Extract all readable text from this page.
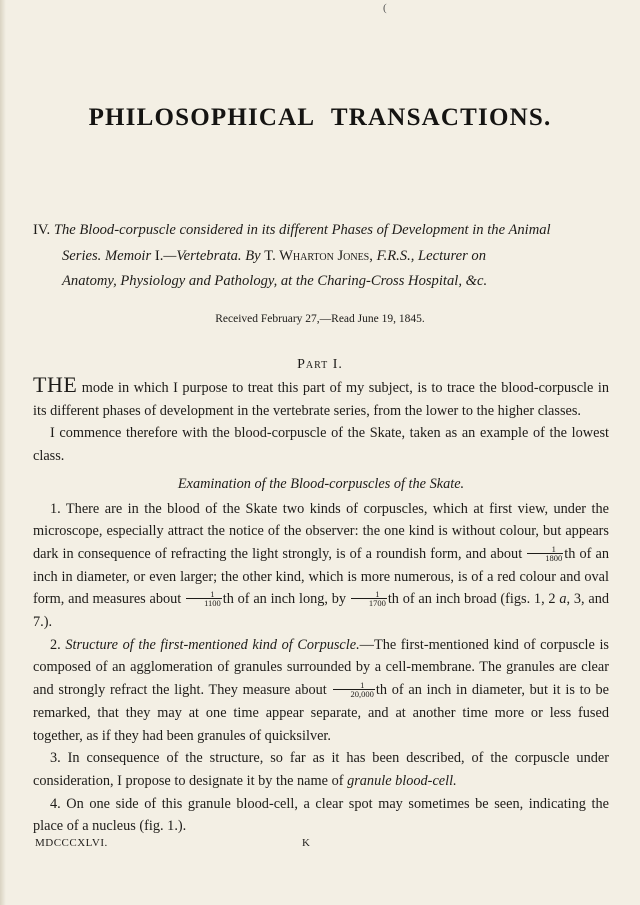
(
PHILOSOPHICAL TRANSACTIONS.
IV. The Blood-corpuscle considered in its different Phases of Development in the Animal
Series. Memoir I.—Vertebrata. By T. Wharton Jones, F.R.S., Lecturer on
Anatomy, Physiology and Pathology, at the Charing-Cross Hospital, &c.
Received February 27,—Read June 19, 1845.
Part I.

THE mode in which I purpose to treat this part of my subject, is to trace the blood-corpuscle in its different phases of development in the vertebrate series, from the lower to the higher classes.

I commence therefore with the blood-corpuscle of the Skate, taken as an example of the lowest class.

Examination of the Blood-corpuscles of the Skate.

1. There are in the blood of the Skate two kinds of corpuscles, which at first view, under the microscope, especially attract the notice of the observer: the one kind is without colour, but appears dark in consequence of refracting the light strongly, is of a roundish form, and about $\frac{1}{1800}$ th of an inch in diameter, or even larger; the other kind, which is more numerous, is of a red colour and oval form, and measures about $\frac{1}{1100}$ th of an inch long, by $\frac{1}{1700}$ th of an inch broad (figs. 1, 2 a, 3, and 7.).

2. Structure of the first-mentioned kind of Corpuscle.—The first-mentioned kind of corpuscle is composed of an agglomeration of granules surrounded by a cell-membrane. The granules are clear and strongly refract the light. They measure about $\frac{1}{20,000}$ th of an inch in diameter, but it is to be remarked, that they may at one time appear separate, and at another time more or less fused together, as if they had been granules of quicksilver.

3. In consequence of the structure, so far as it has been described, of the corpuscle under consideration, I propose to designate it by the name of granule blood-cell.

4. On one side of this granule blood-cell, a clear spot may sometimes be seen, indicating the place of a nucleus (fig. 1.).

MDCCCXLVI.	K
